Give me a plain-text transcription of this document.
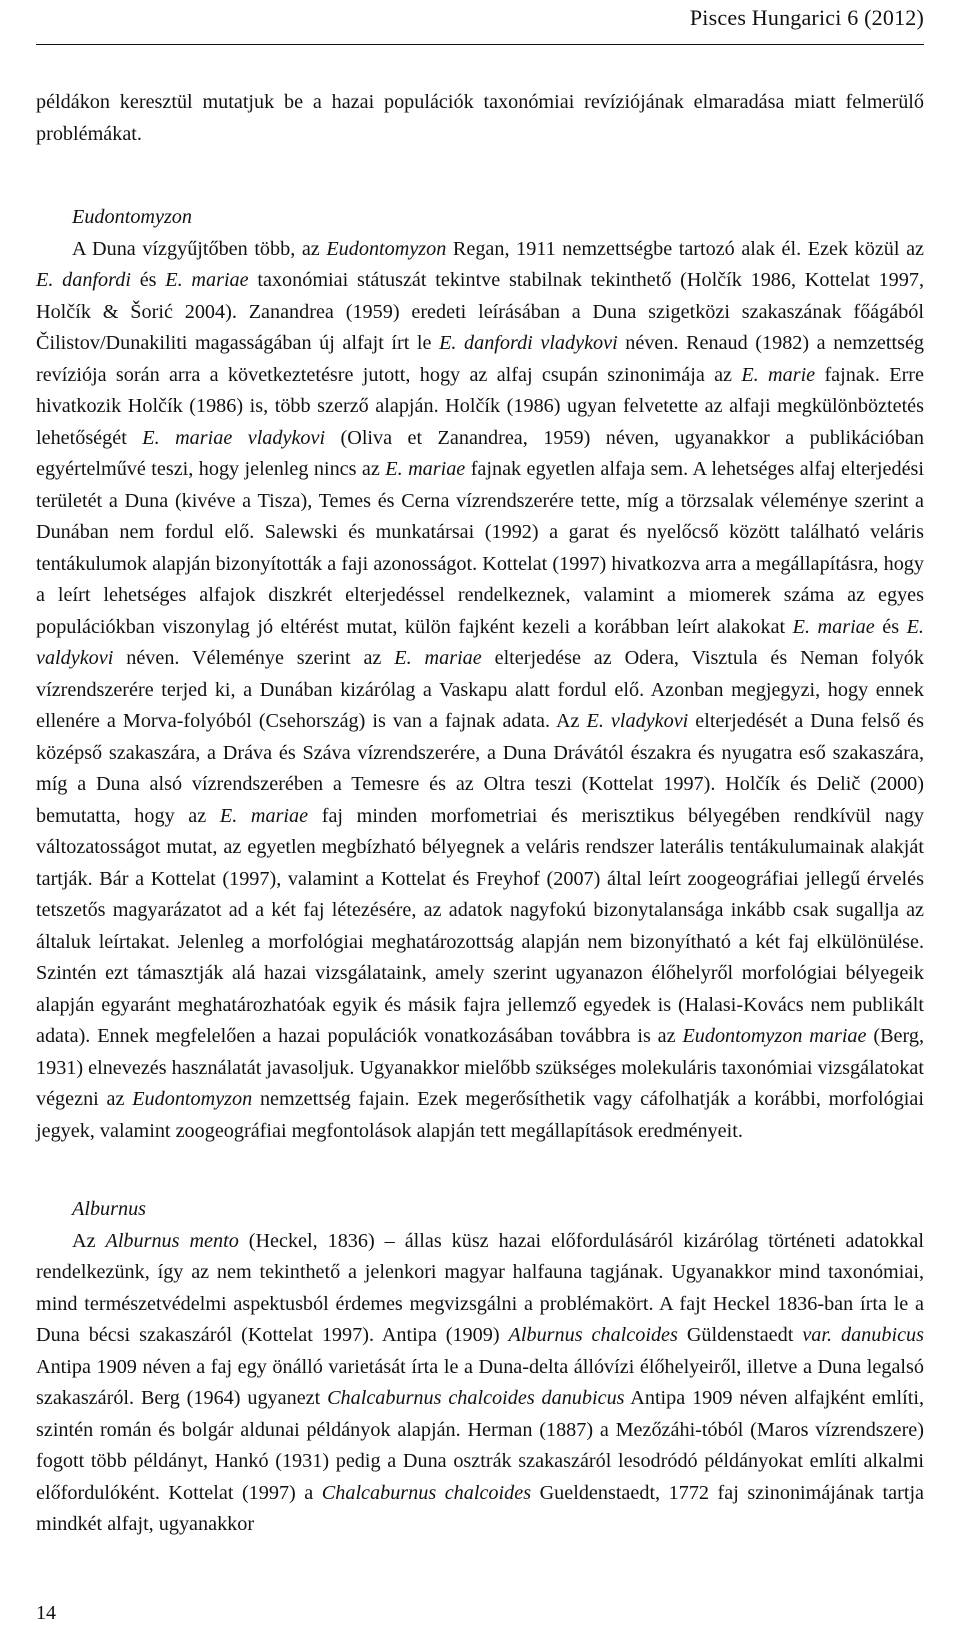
Pisces Hungarici 6 (2012)

példákon keresztül mutatjuk be a hazai populációk taxonómiai revíziójának elmaradása miatt felmerülő problémákat.

Eudontomyzon

A Duna vízgyűjtőben több, az Eudontomyzon Regan, 1911 nemzettségbe tartozó alak él. Ezek közül az E. danfordi és E. mariae taxonómiai státuszát tekintve stabilnak tekinthető (Holčík 1986, Kottelat 1997, Holčík & Šorić 2004). Zanandrea (1959) eredeti leírásában a Duna szigetközi szakaszának főágából Čilistov/Dunakiliti magasságában új alfajt írt le E. danfordi vladykovi néven. Renaud (1982) a nemzettség revíziója során arra a következtetésre jutott, hogy az alfaj csupán szinonimája az E. marie fajnak. Erre hivatkozik Holčík (1986) is, több szerző alapján. Holčík (1986) ugyan felvetette az alfaji megkülönböztetés lehetőségét E. mariae vladykovi (Oliva et Zanandrea, 1959) néven, ugyanakkor a publikációban egyértelművé teszi, hogy jelenleg nincs az E. mariae fajnak egyetlen alfaja sem. A lehetséges alfaj elterjedési területét a Duna (kivéve a Tisza), Temes és Cerna vízrendszerére tette, míg a törzsalak véleménye szerint a Dunában nem fordul elő. Salewski és munkatársai (1992) a garat és nyelőcső között található veláris tentákulumok alapján bizonyították a faji azonosságot. Kottelat (1997) hivatkozva arra a megállapításra, hogy a leírt lehetséges alfajok diszkrét elterjedéssel rendelkeznek, valamint a miomerek száma az egyes populációkban viszonylag jó eltérést mutat, külön fajként kezeli a korábban leírt alakokat E. mariae és E. valdykovi néven. Véleménye szerint az E. mariae elterjedése az Odera, Visztula és Neman folyók vízrendszerére terjed ki, a Dunában kizárólag a Vaskapu alatt fordul elő. Azonban megjegyzi, hogy ennek ellenére a Morva-folyóból (Csehország) is van a fajnak adata. Az E. vladykovi elterjedését a Duna felső és középső szakaszára, a Dráva és Száva vízrendszerére, a Duna Drávától északra és nyugatra eső szakaszára, míg a Duna alsó vízrendszerében a Temesre és az Oltra teszi (Kottelat 1997). Holčík és Delič (2000) bemutatta, hogy az E. mariae faj minden morfometriai és merisztikus bélyegében rendkívül nagy változatosságot mutat, az egyetlen megbízható bélyegnek a veláris rendszer laterális tentákulumainak alakját tartják. Bár a Kottelat (1997), valamint a Kottelat és Freyhof (2007) által leírt zoogeográfiai jellegű érvelés tetszetős magyarázatot ad a két faj létezésére, az adatok nagyfokú bizonytalansága inkább csak sugallja az általuk leírtakat. Jelenleg a morfológiai meghatározottság alapján nem bizonyítható a két faj elkülönülése. Szintén ezt támasztják alá hazai vizsgálataink, amely szerint ugyanazon élőhelyről morfológiai bélyegeik alapján egyaránt meghatározhatóak egyik és másik fajra jellemző egyedek is (Halasi-Kovács nem publikált adata). Ennek megfelelően a hazai populációk vonatkozásában továbbra is az Eudontomyzon mariae (Berg, 1931) elnevezés használatát javasoljuk. Ugyanakkor mielőbb szükséges molekuláris taxonómiai vizsgálatokat végezni az Eudontomyzon nemzettség fajain. Ezek megerősíthetik vagy cáfolhatják a korábbi, morfológiai jegyek, valamint zoogeográfiai megfontolások alapján tett megállapítások eredményeit.

Alburnus

Az Alburnus mento (Heckel, 1836) – állas küsz hazai előfordulásáról kizárólag történeti adatokkal rendelkezünk, így az nem tekinthető a jelenkori magyar halfauna tagjának. Ugyanakkor mind taxonómiai, mind természetvédelmi aspektusból érdemes megvizsgálni a problémakört. A fajt Heckel 1836-ban írta le a Duna bécsi szakaszáról (Kottelat 1997). Antipa (1909) Alburnus chalcoides Güldenstaedt var. danubicus Antipa 1909 néven a faj egy önálló varietását írta le a Duna-delta állóvízi élőhelyeiről, illetve a Duna legalsó szakaszáról. Berg (1964) ugyanezt Chalcaburnus chalcoides danubicus Antipa 1909 néven alfajként említi, szintén román és bolgár aldunai példányok alapján. Herman (1887) a Mezőzáhi-tóból (Maros vízrendszere) fogott több példányt, Hankó (1931) pedig a Duna osztrák szakaszáról lesodródó példányokat említi alkalmi előfordulóként. Kottelat (1997) a Chalcaburnus chalcoides Gueldenstaedt, 1772 faj szinonimájának tartja mindkét alfajt, ugyanakkor

14
